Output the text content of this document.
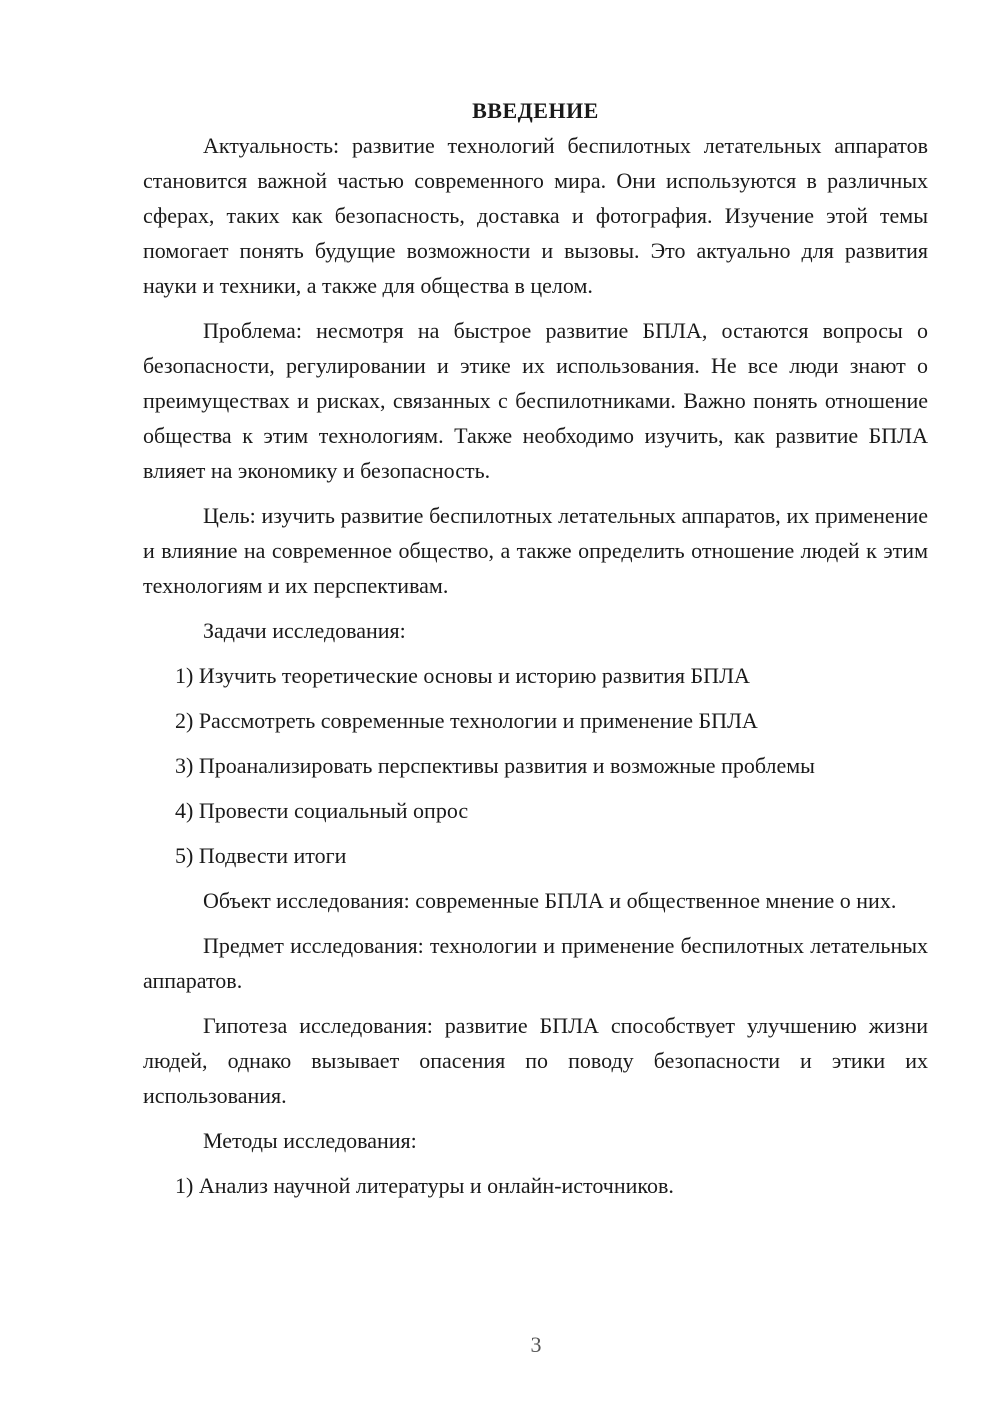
ВВЕДЕНИЕ
Актуальность: развитие технологий беспилотных летательных аппаратов становится важной частью современного мира. Они используются в различных сферах, таких как безопасность, доставка и фотография. Изучение этой темы помогает понять будущие возможности и вызовы. Это актуально для развития науки и техники, а также для общества в целом.
Проблема: несмотря на быстрое развитие БПЛА, остаются вопросы о безопасности, регулировании и этике их использования. Не все люди знают о преимуществах и рисках, связанных с беспилотниками. Важно понять отношение общества к этим технологиям. Также необходимо изучить, как развитие БПЛА влияет на экономику и безопасность.
Цель: изучить развитие беспилотных летательных аппаратов, их применение и влияние на современное общество, а также определить отношение людей к этим технологиям и их перспективам.
Задачи исследования:
1) Изучить теоретические основы и историю развития БПЛА
2) Рассмотреть современные технологии и применение БПЛА
3) Проанализировать перспективы развития и возможные проблемы
4) Провести социальный опрос
5) Подвести итоги
Объект исследования: современные БПЛА и общественное мнение о них.
Предмет исследования: технологии и применение беспилотных летательных аппаратов.
Гипотеза исследования: развитие БПЛА способствует улучшению жизни людей, однако вызывает опасения по поводу безопасности и этики их использования.
Методы исследования:
1) Анализ научной литературы и онлайн-источников.
3
